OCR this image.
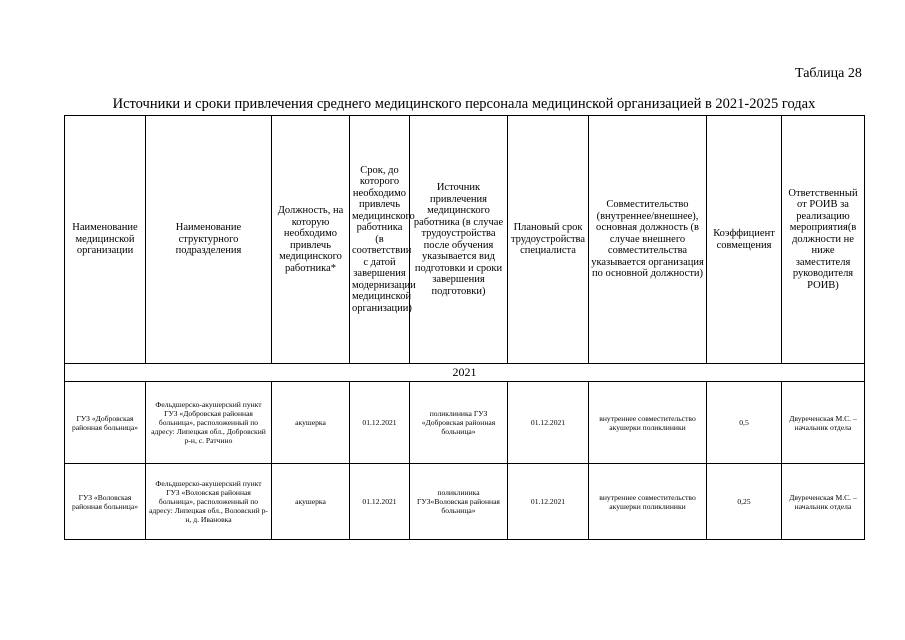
Таблица 28
Источники и сроки привлечения среднего медицинского персонала медицинской организацией в 2021-2025 годах
Наименование медицинской организации	Наименование структурного подразделения	Должность, на которую необходимо привлечь медицинского работника*	Срок, до которого необходимо привлечь медицинского работника (в соответствии с датой завершения модернизации медицинской организации)	Источник привлечения медицинского работника (в случае трудоустройства после обучения указывается вид подготовки и сроки завершения подготовки)	Плановый срок трудоустройства специалиста	Совместительство (внутреннее/внешнее), основная должность (в случае внешнего совместительства указывается организация по основной должности)	Коэффициент совмещения	Ответственный от РОИВ за реализацию мероприятия(в должности не ниже заместителя руководителя РОИВ)
2021								
ГУЗ «Добровская районная больница»	Фельдшерско-акушерский пункт ГУЗ «Добровская районная больница», расположенный по адресу: Липецкая обл., Добровский р-н, с. Ратчино	акушерка	01.12.2021	поликлиника ГУЗ «Добровская районная больница»	01.12.2021	внутреннее совместительство акушерки поликлиники	0,5	Двуреченская М.С. – начальник отдела
ГУЗ «Воловская районная больница»	Фельдшерско-акушерский пункт ГУЗ «Воловская районная больница», расположенный по адресу: Липецкая обл., Воловский р-н, д. Ивановка	акушерка	01.12.2021	поликлиника ГУЗ«Воловская районная больница»	01.12.2021	внутреннее совместительство акушерки поликлиники	0,25	Двуреченская М.С. – начальник отдела
